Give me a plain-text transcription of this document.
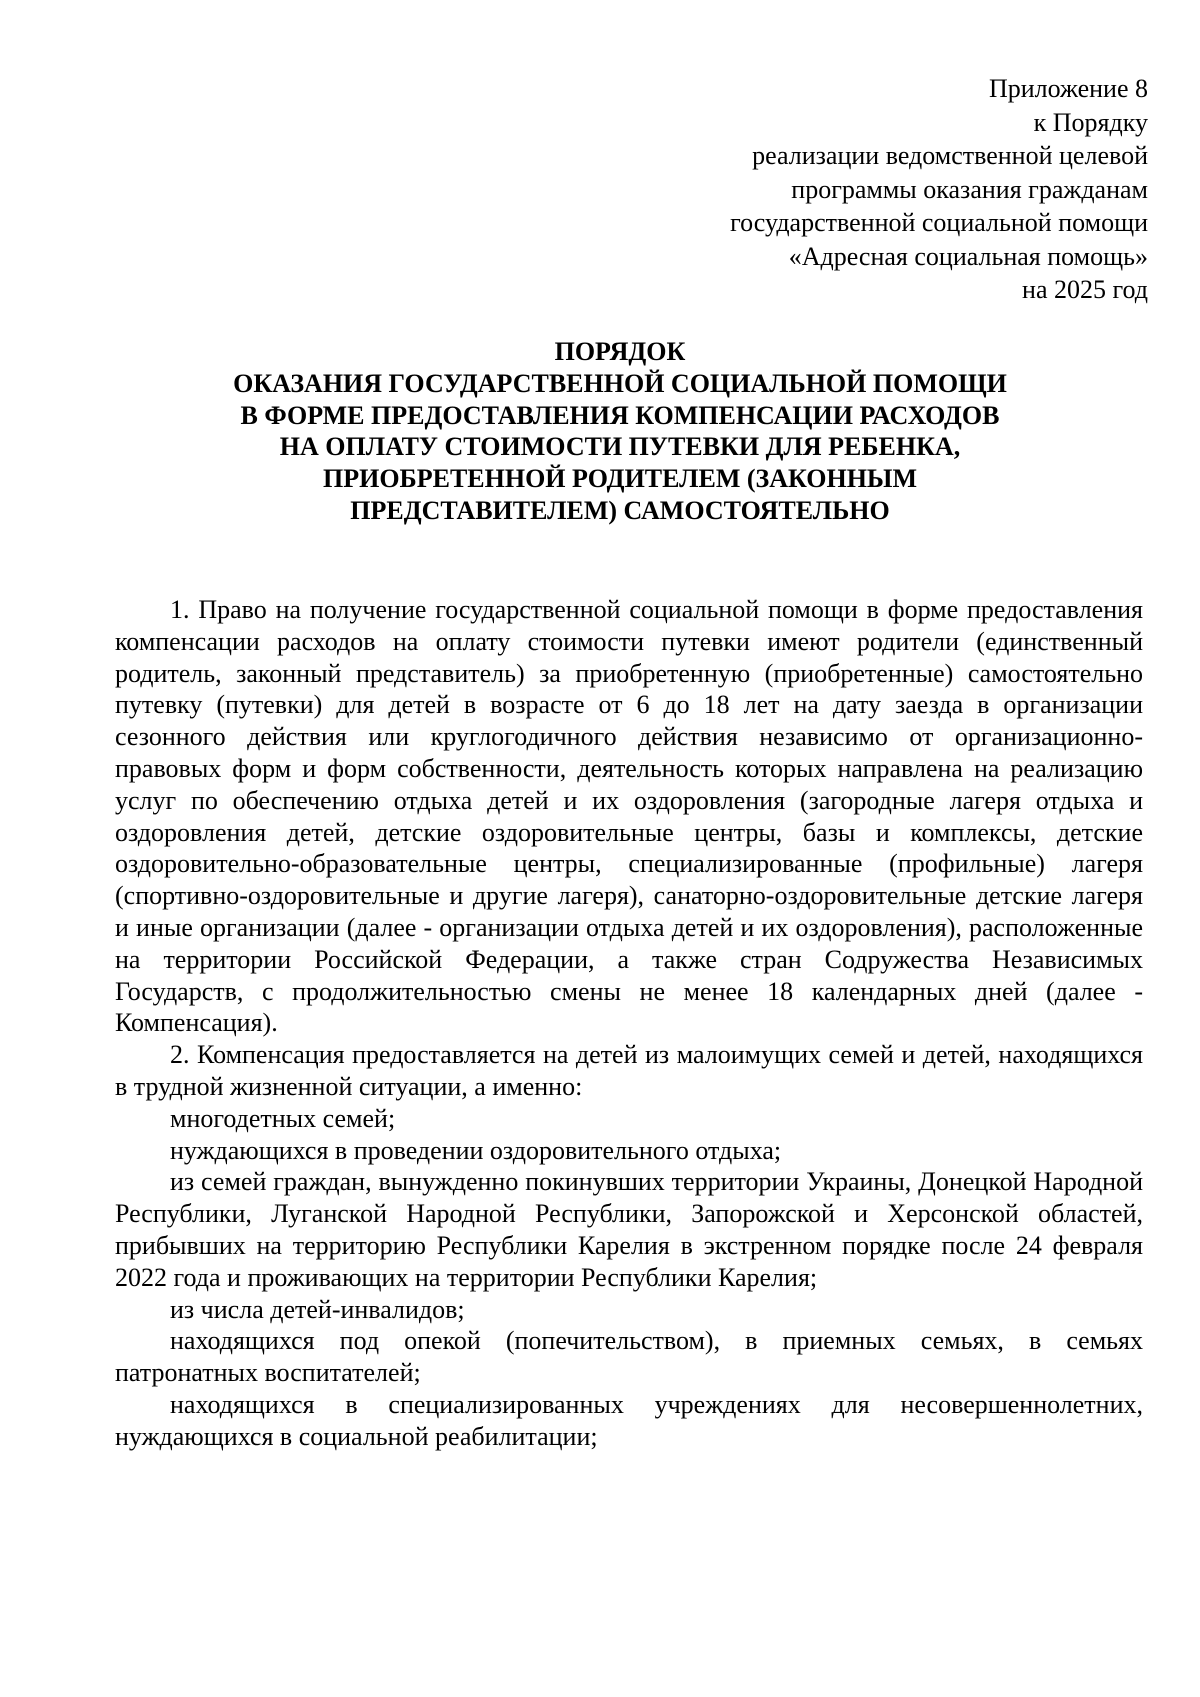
Приложение 8
к Порядку
реализации ведомственной целевой
программы оказания гражданам
государственной социальной помощи
«Адресная социальная помощь»
на 2025 год
ПОРЯДОК
ОКАЗАНИЯ ГОСУДАРСТВЕННОЙ СОЦИАЛЬНОЙ ПОМОЩИ
В ФОРМЕ ПРЕДОСТАВЛЕНИЯ КОМПЕНСАЦИИ РАСХОДОВ
НА ОПЛАТУ СТОИМОСТИ ПУТЕВКИ ДЛЯ РЕБЕНКА,
ПРИОБРЕТЕННОЙ РОДИТЕЛЕМ (ЗАКОННЫМ
ПРЕДСТАВИТЕЛЕМ) САМОСТОЯТЕЛЬНО

1. Право на получение государственной социальной помощи в форме предоставления компенсации расходов на оплату стоимости путевки имеют родители (единственный родитель, законный представитель) за приобретенную (приобретенные) самостоятельно путевку (путевки) для детей в возрасте от 6 до 18 лет на дату заезда в организации сезонного действия или круглогодичного действия независимо от организационно-правовых форм и форм собственности, деятельность которых направлена на реализацию услуг по обеспечению отдыха детей и их оздоровления (загородные лагеря отдыха и оздоровления детей, детские оздоровительные центры, базы и комплексы, детские оздоровительно-образовательные центры, специализированные (профильные) лагеря (спортивно-оздоровительные и другие лагеря), санаторно-оздоровительные детские лагеря и иные организации (далее - организации отдыха детей и их оздоровления), расположенные на территории Российской Федерации, а также стран Содружества Независимых Государств, с продолжительностью смены не менее 18 календарных дней (далее - Компенсация).

2. Компенсация предоставляется на детей из малоимущих семей и детей, находящихся в трудной жизненной ситуации, а именно:

многодетных семей;

нуждающихся в проведении оздоровительного отдыха;

из семей граждан, вынужденно покинувших территории Украины, Донецкой Народной Республики, Луганской Народной Республики, Запорожской и Херсонской областей, прибывших на территорию Республики Карелия в экстренном порядке после 24 февраля 2022 года и проживающих на территории Республики Карелия;

из числа детей-инвалидов;

находящихся под опекой (попечительством), в приемных семьях, в семьях патронатных воспитателей;

находящихся в специализированных учреждениях для несовершеннолетних, нуждающихся в социальной реабилитации;
